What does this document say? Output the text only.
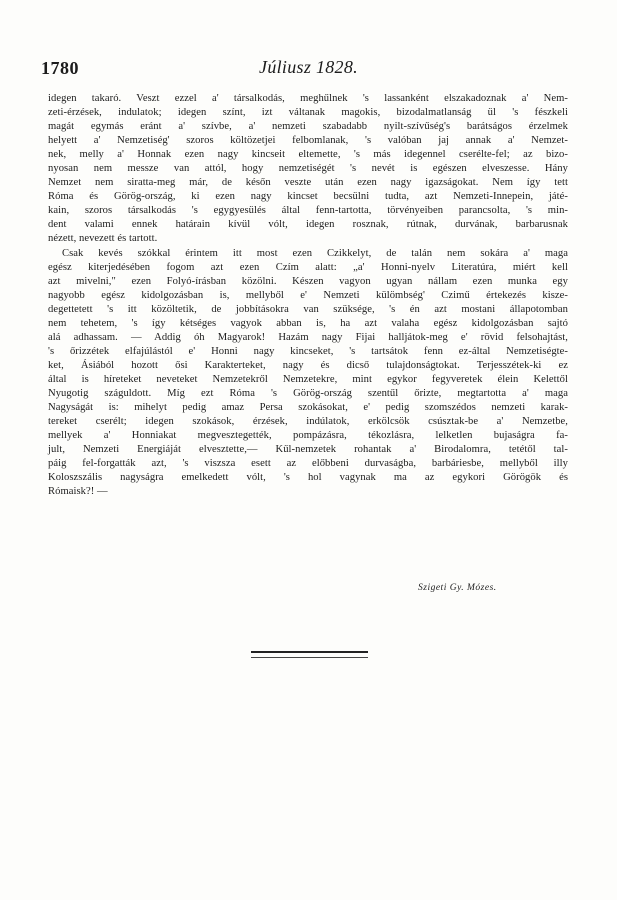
1780	Júliusz 1828.
idegen takaró. Veszt ezzel a' társalkodás, meghűlnek 's lassanként elszakadoznak a' Nem-
zeti-érzések, indulatok; idegen színt, izt váltanak magokis, bizodalmatlanság ül 's fészkeli
magát egymás eránt a' szívbe, a' nemzeti szabadabb nyilt-szívűség's barátságos érzelmek
helyett a' Nemzetiség' szoros költözetjei felbomlanak, 's valóban jaj annak a' Nemzet-
nek, melly a' Honnak ezen nagy kincseit eltemette, 's más idegennel cseréltе-fel; az bizo-
nyosan nem messze van attól, hogy nemzetiségét 's nevét is egészen elveszesse. Hány
Nemzet nem siratta-meg már, de későn veszte után ezen nagy igazságokat. Nem így tett
Róma és Görög-ország, ki ezen nagy kincset becsülni tudta, azt Nemzeti-Innepein, játé-
kain, szoros társalkodás 's egygyesülés által fenn-tartotta, törvényeiben parancsolta, 's min-
dent valami ennek határain kívül vólt, idegen rosznak, rútnak, durvának, barbarusnak
nézett, nevezett és tartott.
Csak kevés szókkal érintem itt most ezen Czikkelyt, de talán nem sokára a' maga
egész kiterjedésében fogom azt ezen Czím alatt: „a' Honni-nyelv Literatúra, miért kell
azt mivelni," ezen Folyó-írásban közölni. Készen vagyon ugyan nállam ezen munka egy
nagyobb egész kidolgozásban is, mellyből e' Nemzeti külömbség' Czimű értekezés kisze-
degettetett 's itt közöltetik, de jobbításokra van szüksége, 's én azt mostani állapotomban
nem tehetem, 's így kétséges vagyok abban is, ha azt valaha egész kidolgozásban sajtó
alá adhassam. — Addig óh Magyarok! Hazám nagy Fijai halljátok-meg e' rövid felsohajtást,
's őrizzétek elfajúlástól e' Honni nagy kincseket, 's tartsátok fenn ez-által Nemzetiségte-
ket, Ásiából hozott ősi Karakterteket, nagy és dicső tulajdonságtokat. Terjesszétek-ki ez
által is híreteket neveteket Nemzetekről Nemzetekre, mint egykor fegyveretek élein Kelettől
Nyugotig száguldott. Míg ezt Róma 's Görög-ország szentűl őrizte, megtartotta a' maga
Nagyságát is: mihelyt pedig amaz Persa szokásokat, e' pedig szomszédos nemzeti karak-
tereket cserélt; idegen szokások, érzések, indúlatok, erkölcsök csúsztak-be a' Nemzetbe,
mellyek a' Honniakat megvesztegették, pompázásra, tékozlásra, lelketlen bujaságra fa-
jult, Nemzeti Energiáját elvesztette,— Kűl-nemzetek rohantak a' Birodalomra, tetétől tal-
páig fel-forgatták azt, 's viszsza esett az előbbeni durvaságba, barbáriesbe, mellyből illy
Koloszszális nagyságra emelkedett vólt, 's hol vagynak ma az egykori Görögök és
Rómaisk?! —
Szigeti Gy. Mózes.
